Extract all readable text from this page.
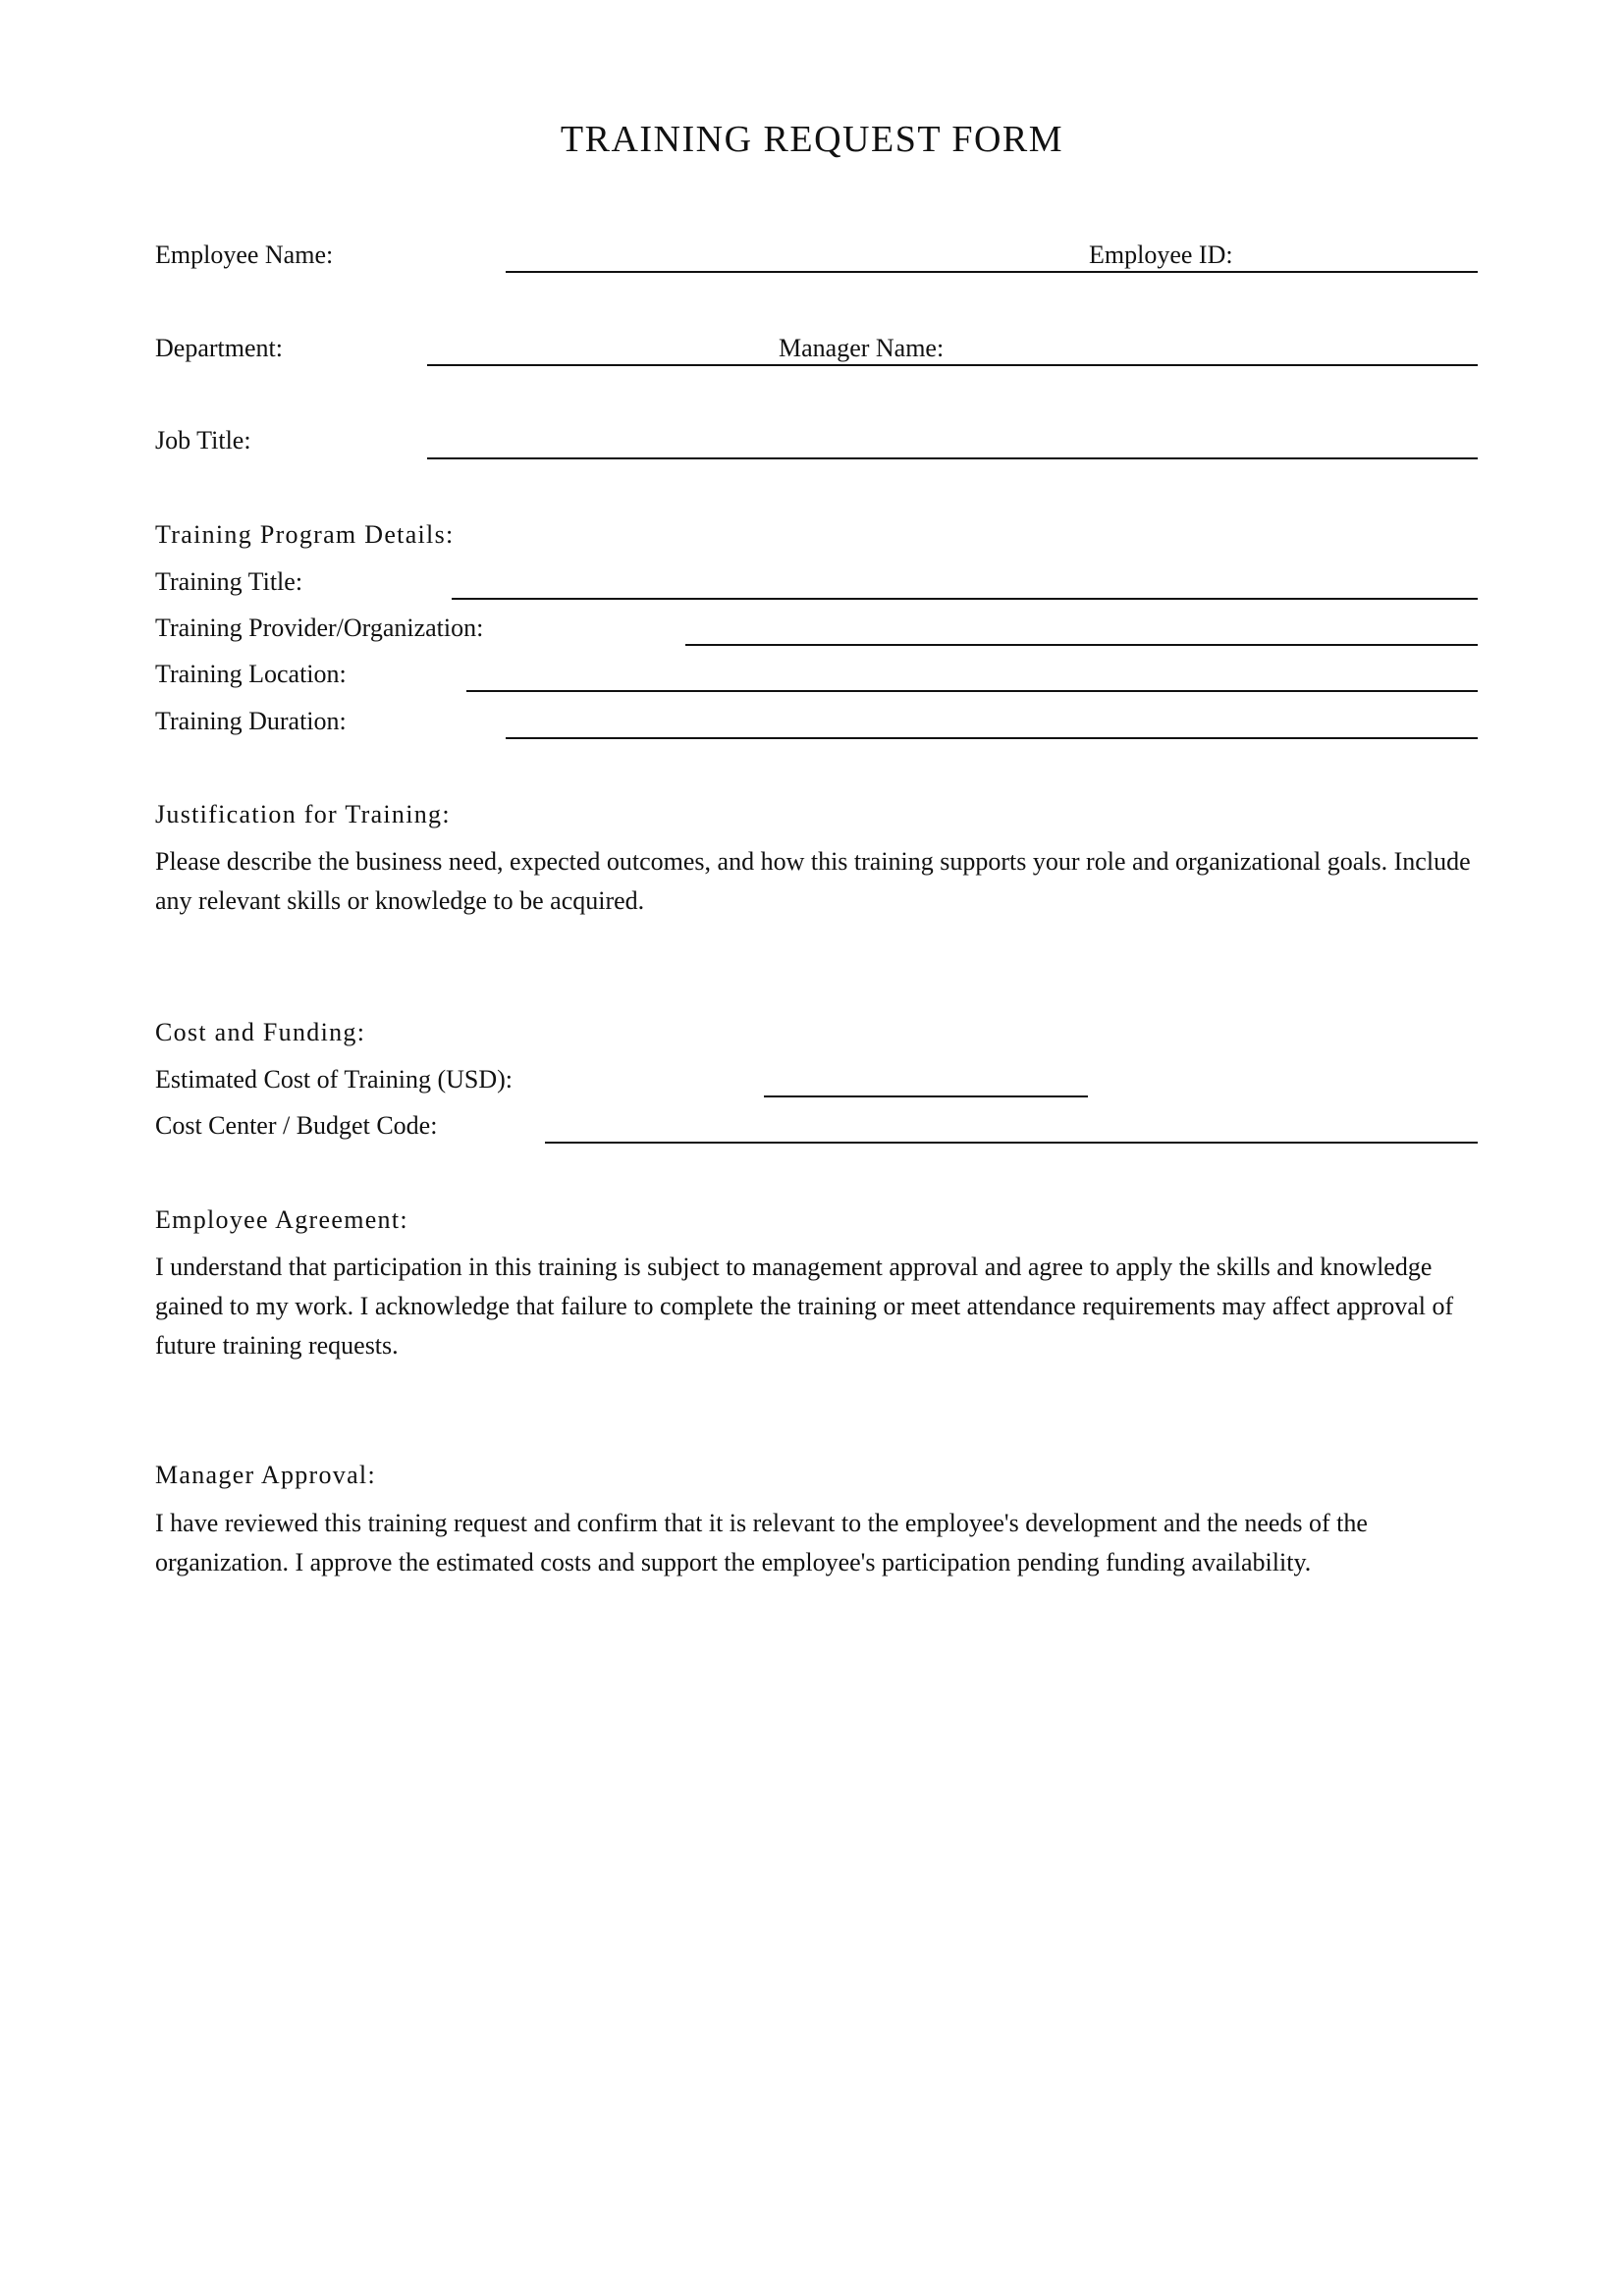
TRAINING REQUEST FORM
Employee Name:	Employee ID:
Department:	Manager Name:
Job Title:
Training Program Details:
Training Title:
Training Provider/Organization:
Training Location:
Training Duration:
Justification for Training:
Please describe the business need, expected outcomes, and how this training supports your role and organizational goals. Include any relevant skills or knowledge to be acquired.
Cost and Funding:
Estimated Cost of Training (USD):
Cost Center / Budget Code:
Employee Agreement:
I understand that participation in this training is subject to management approval and agree to apply the skills and knowledge gained to my work. I acknowledge that failure to complete the training or meet attendance requirements may affect approval of future training requests.
Manager Approval:
I have reviewed this training request and confirm that it is relevant to the employee's development and the needs of the organization. I approve the estimated costs and support the employee's participation pending funding availability.
